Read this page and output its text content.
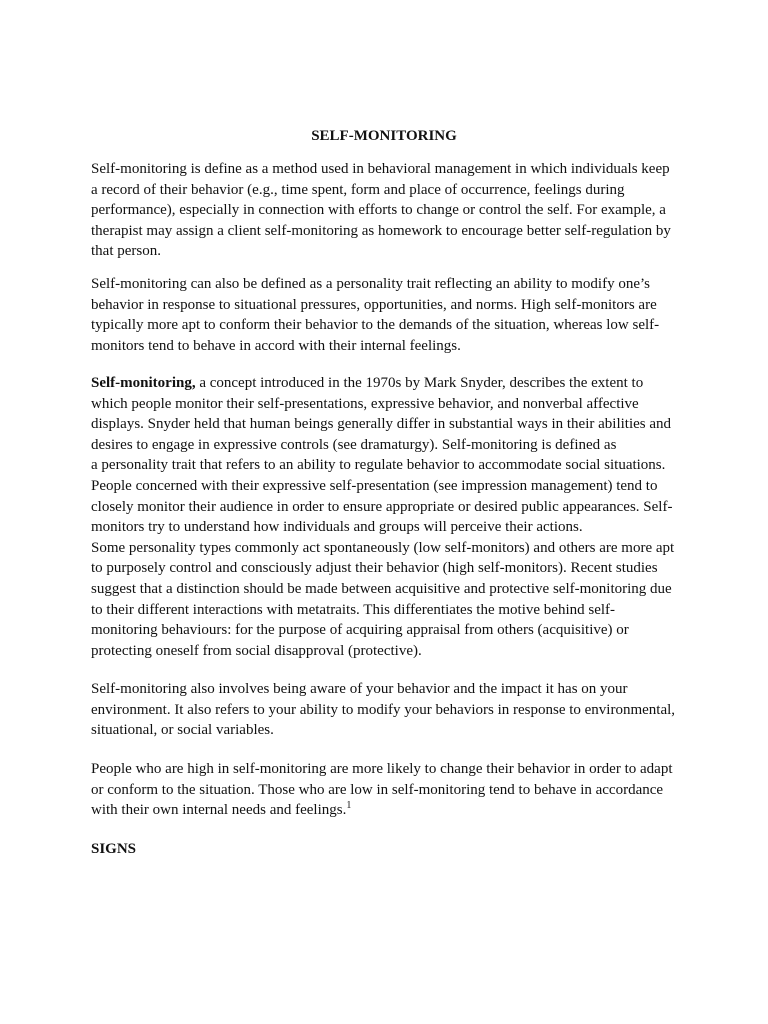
SELF-MONITORING

Self-monitoring is define as a method used in behavioral management in which individuals keep
a record of their behavior (e.g., time spent, form and place of occurrence, feelings during
performance), especially in connection with efforts to change or control the self. For example, a
therapist may assign a client self-monitoring as homework to encourage better self-regulation by
that person.
Self-monitoring can also be defined as a personality trait reflecting an ability to modify one’s
behavior in response to situational pressures, opportunities, and norms. High self-monitors are
typically more apt to conform their behavior to the demands of the situation, whereas low self-
monitors tend to behave in accord with their internal feelings.
Self-monitoring, a concept introduced in the 1970s by Mark Snyder, describes the extent to
which people monitor their self-presentations, expressive behavior, and nonverbal affective
displays. Snyder held that human beings generally differ in substantial ways in their abilities and
desires to engage in expressive controls (see dramaturgy). Self-monitoring is defined as
a personality trait that refers to an ability to regulate behavior to accommodate social situations.
People concerned with their expressive self-presentation (see impression management) tend to
closely monitor their audience in order to ensure appropriate or desired public appearances. Self-
monitors try to understand how individuals and groups will perceive their actions.
Some personality types commonly act spontaneously (low self-monitors) and others are more apt
to purposely control and consciously adjust their behavior (high self-monitors). Recent studies
suggest that a distinction should be made between acquisitive and protective self-monitoring due
to their different interactions with metatraits. This differentiates the motive behind self-
monitoring behaviours: for the purpose of acquiring appraisal from others (acquisitive) or
protecting oneself from social disapproval (protective).
Self-monitoring also involves being aware of your behavior and the impact it has on your
environment. It also refers to your ability to modify your behaviors in response to environmental,
situational, or social variables.
People who are high in self-monitoring are more likely to change their behavior in order to adapt
or conform to the situation. Those who are low in self-monitoring tend to behave in accordance
with their own internal needs and feelings.$^1$

SIGNS
